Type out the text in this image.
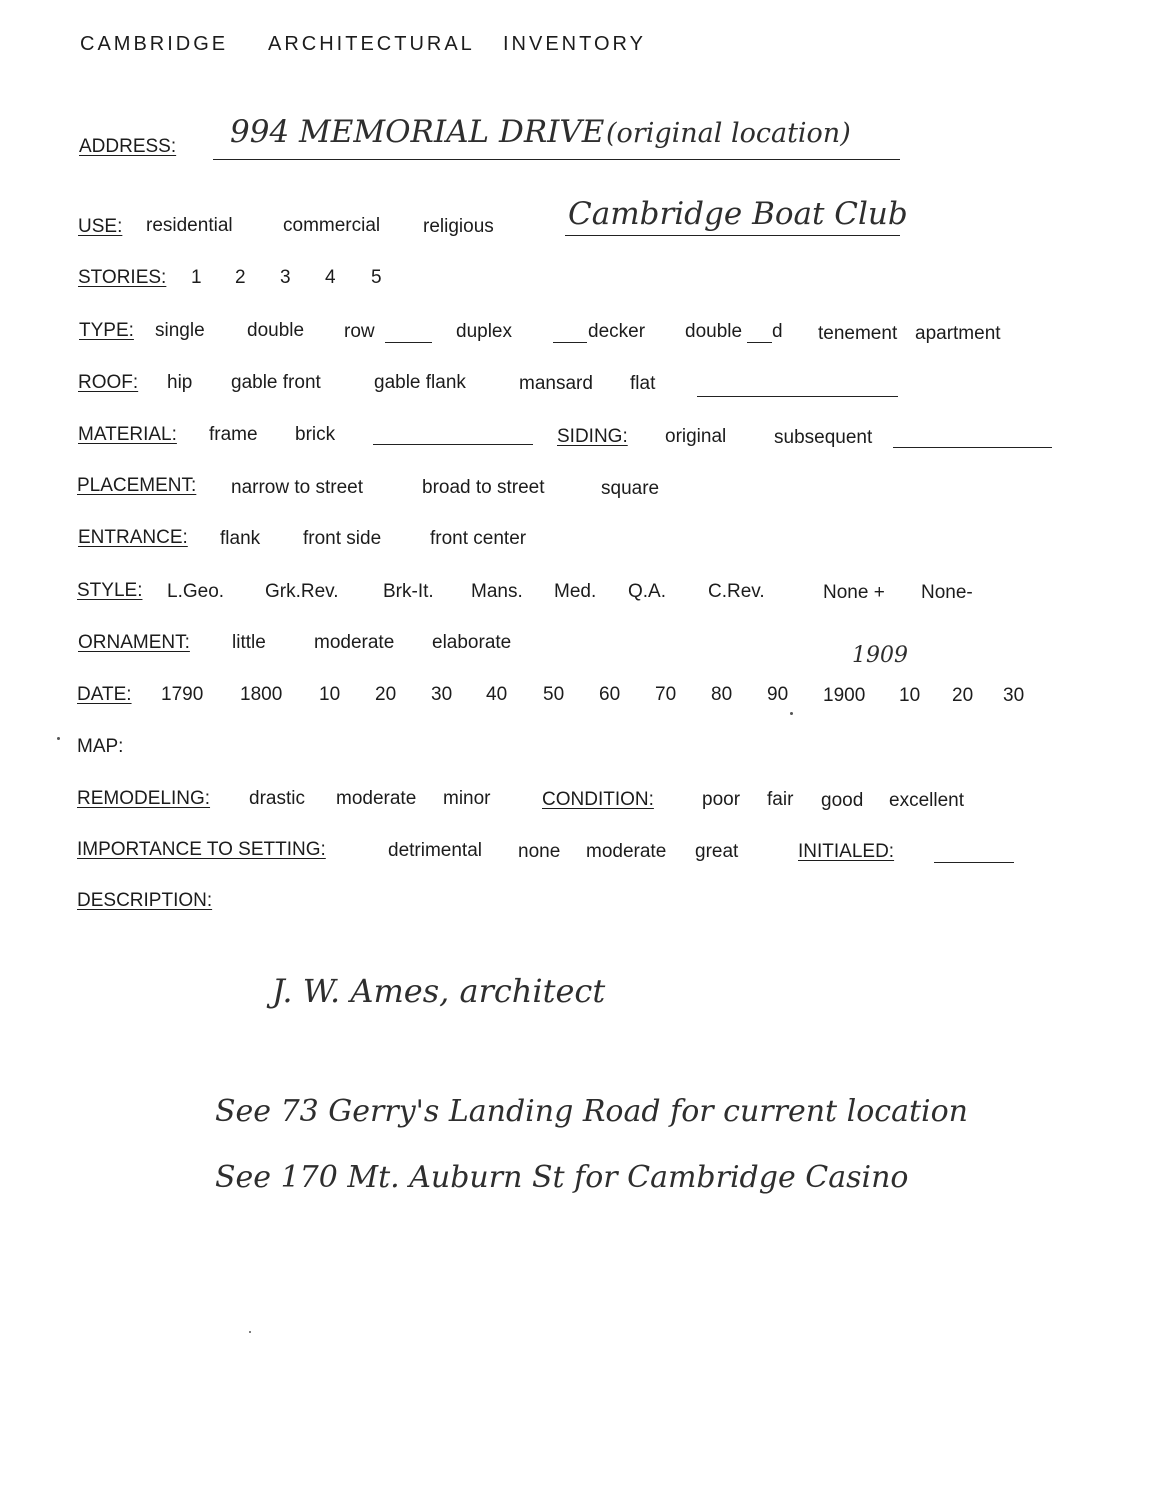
CAMBRIDGE ARCHITECTURAL INVENTORY
ADDRESS: 994 MEMORIAL DRIVE (original location)
USE: residential	commercial religious Cambridge Boat Club
STORIES: 1 2 3 4 5
TYPE: single double row	duplex	decker double d tenement apartment
ROOF: hip gable front	gable flank	mansard flat
MATERIAL: frame brick	SIDING: original	subsequent
PLACEMENT: narrow to street	broad to street	square
ENTRANCE: flank front side	front center
STYLE: L.Geo. Grk.Rev. Brk-It. Mans. Med. Q.A. C.Rev.	None + None-
ORNAMENT: little	moderate elaborate
1909
DATE: 1790 1800 10 20 30 40 50 60 70 80 90 1900 10 20 30
MAP:
REMODELING: drastic moderate minor	CONDITION:	poor fair good excellent
IMPORTANCE TO SETTING:	detrimental none moderate great	INITIALED:
DESCRIPTION:
J. W. Ames, architect
See 73 Gerry's Landing Road for current location
See 170 Mt. Auburn St for Cambridge Casino
